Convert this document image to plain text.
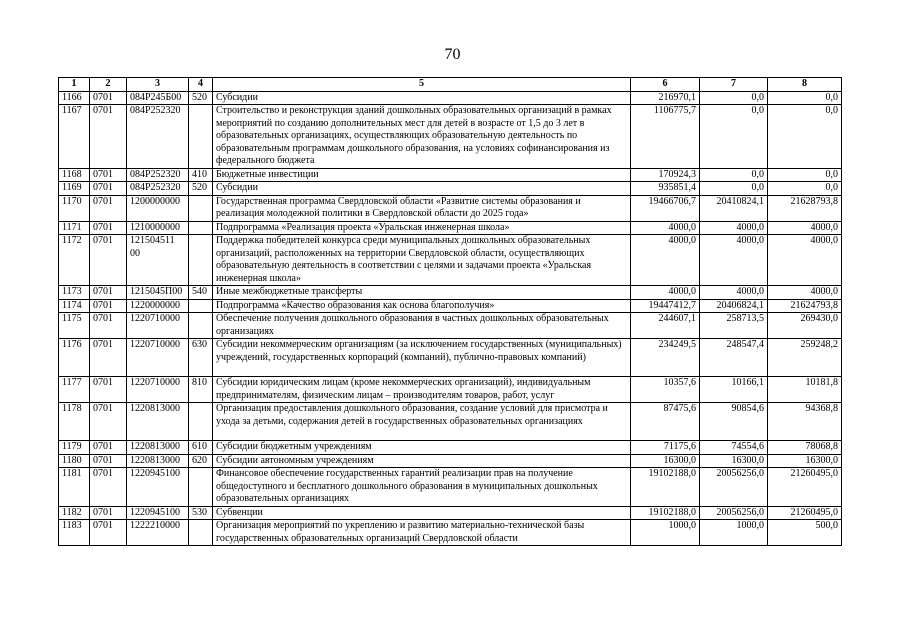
70
1	2	3	4	5	6	7	8
1166	0701	084Р245Б00	520	Субсидии	216970,1	0,0	0,0
1167	0701	084Р252320		Строительство и реконструкция зданий дошкольных образовательных организаций в рамках мероприятий по созданию дополнительных мест для детей в возрасте от 1,5 до 3 лет в образовательных организациях, осуществляющих образовательную деятельность по образовательным программам дошкольного образования, на условиях софинансирования из федерального бюджета	1106775,7	0,0	0,0
1168	0701	084Р252320	410	Бюджетные инвестиции	170924,3	0,0	0,0
1169	0701	084Р252320	520	Субсидии	935851,4	0,0	0,0
1170	0701	1200000000		Государственная программа Свердловской области «Развитие системы образования и реализация молодежной политики в Свердловской области до 2025 года»	19466706,7	20410824,1	21628793,8
1171	0701	1210000000		Подпрограмма «Реализация проекта «Уральская инженерная школа»	4000,0	4000,0	4000,0
1172	0701	121504511 00		Поддержка победителей конкурса среди муниципальных дошкольных образовательных организаций, расположенных на территории Свердловской области, осуществляющих образовательную деятельность в соответствии с целями и задачами проекта «Уральская инженерная школа»	4000,0	4000,0	4000,0
1173	0701	1215045П00	540	Иные межбюджетные трансферты	4000,0	4000,0	4000,0
1174	0701	1220000000		Подпрограмма «Качество образования как основа благополучия»	19447412,7	20406824,1	21624793,8
1175	0701	1220710000		Обеспечение получения дошкольного образования в частных дошкольных образовательных организациях	244607,1	258713,5	269430,0
1176	0701	1220710000	630	Субсидии некоммерческим организациям (за исключением государственных (муниципальных) учреждений, государственных корпораций (компаний), публично-правовых компаний)	234249,5	248547,4	259248,2
1177	0701	1220710000	810	Субсидии юридическим лицам (кроме некоммерческих организаций), индивидуальным предпринимателям, физическим лицам – производителям товаров, работ, услуг	10357,6	10166,1	10181,8
1178	0701	1220813000		Организация предоставления дошкольного образования, создание условий для присмотра и ухода за детьми, содержания детей в государственных образовательных организациях	87475,6	90854,6	94368,8
1179	0701	1220813000	610	Субсидии бюджетным учреждениям	71175,6	74554,6	78068,8
1180	0701	1220813000	620	Субсидии автономным учреждениям	16300,0	16300,0	16300,0
1181	0701	1220945100		Финансовое обеспечение государственных гарантий реализации прав на получение общедоступного и бесплатного дошкольного образования в муниципальных дошкольных образовательных организациях	19102188,0	20056256,0	21260495,0
1182	0701	1220945100	530	Субвенции	19102188,0	20056256,0	21260495,0
1183	0701	1222210000		Организация мероприятий по укреплению и развитию материально-технической базы государственных образовательных организаций Свердловской области	1000,0	1000,0	500,0
